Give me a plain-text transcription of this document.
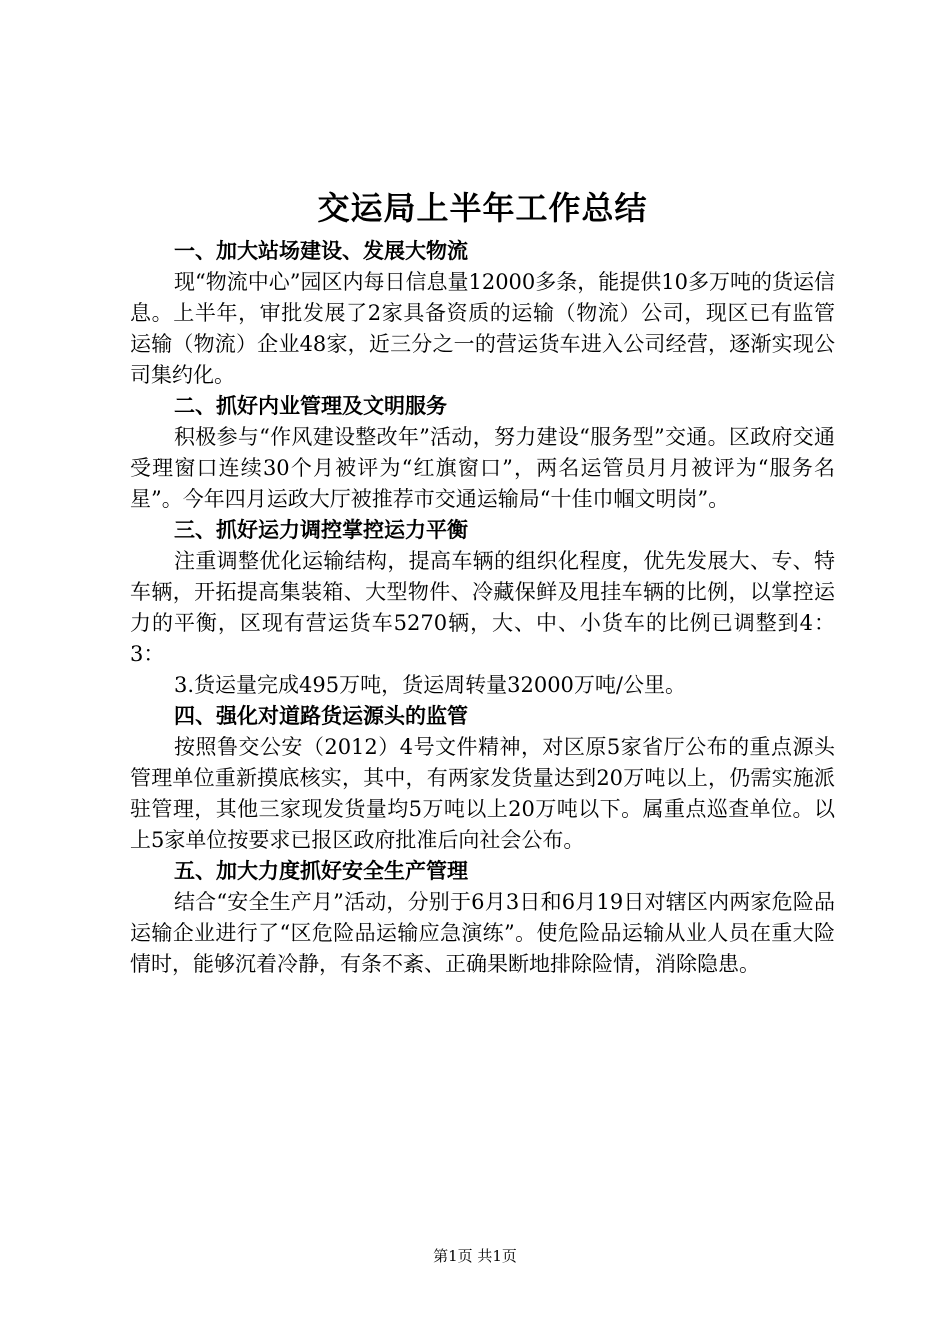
交运局上半年工作总结
一、加大站场建设、发展大物流

现“物流中心”园区内每日信息量12000多条，能提供10多万吨的货运信息。上半年，审批发展了2家具备资质的运输（物流）公司，现区已有监管运输（物流）企业48家，近三分之一的营运货车进入公司经营，逐渐实现公司集约化。

二、抓好内业管理及文明服务

积极参与“作风建设整改年”活动，努力建设“服务型”交通。区政府交通受理窗口连续30个月被评为“红旗窗口”，两名运管员月月被评为“服务名星”。今年四月运政大厅被推荐市交通运输局“十佳巾帼文明岗”。

三、抓好运力调控掌控运力平衡

注重调整优化运输结构，提高车辆的组织化程度，优先发展大、专、特车辆，开拓提高集装箱、大型物件、冷藏保鲜及甩挂车辆的比例，以掌控运力的平衡，区现有营运货车5270辆，大、中、小货车的比例已调整到4：3：

3.货运量完成495万吨，货运周转量32000万吨/公里。

四、强化对道路货运源头的监管

按照鲁交公安（2012）4号文件精神，对区原5家省厅公布的重点源头管理单位重新摸底核实，其中，有两家发货量达到20万吨以上，仍需实施派驻管理，其他三家现发货量均5万吨以上20万吨以下。属重点巡查单位。以上5家单位按要求已报区政府批准后向社会公布。

五、加大力度抓好安全生产管理

结合“安全生产月”活动，分别于6月3日和6月19日对辖区内两家危险品运输企业进行了“区危险品运输应急演练”。使危险品运输从业人员在重大险情时，能够沉着冷静，有条不紊、正确果断地排除险情，消除隐患。

第1页 共1页
